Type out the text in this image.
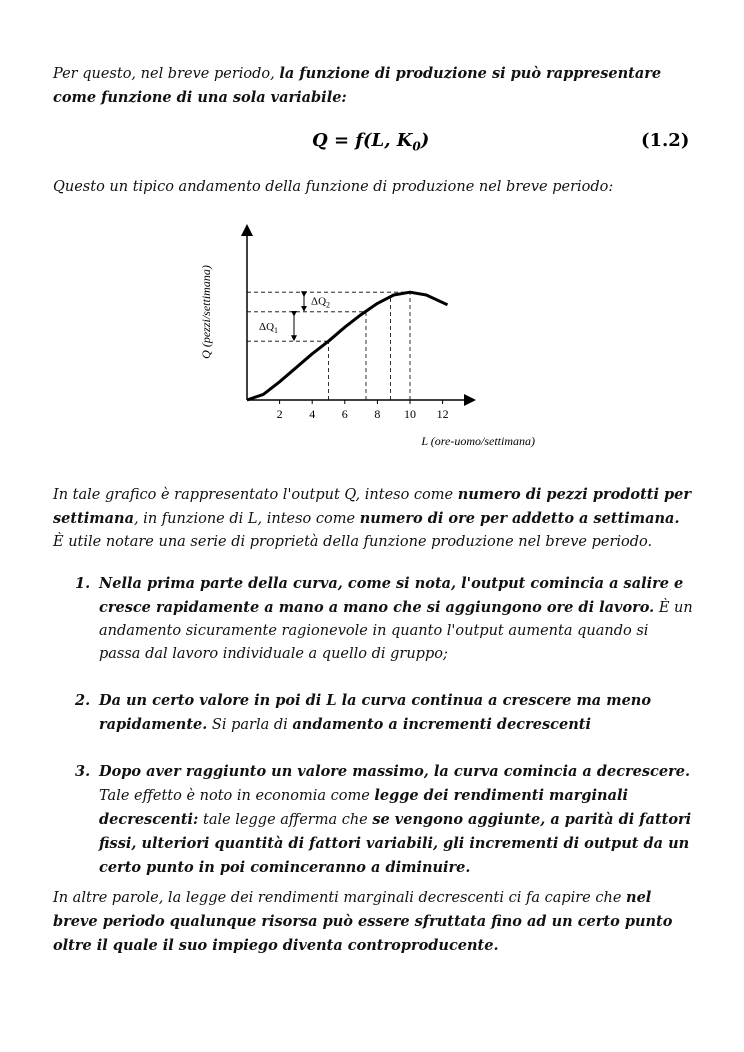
Per questo, nel breve periodo, la funzione di produzione si può rappresentare come funzione di una sola variabile:
Q = f(L, $K_0$)	(1.2)
Questo un tipico andamento della funzione di produzione nel breve periodo:
2 4 6 8 10 12
$\Delta Q_1$
$\Delta Q_2$
Q (pezzi/settimana)
L (ore-uomo/settimana)
In tale grafico è rappresentato l'output Q, inteso come numero di pezzi prodotti per settimana, in funzione di L, inteso come numero di ore per addetto a settimana.
È utile notare una serie di proprietà della funzione produzione nel breve periodo.

1. Nella prima parte della curva, come si nota, l'output comincia a salire e cresce rapidamente a mano a mano che si aggiungono ore di lavoro. È un andamento sicuramente ragionevole in quanto l'output aumenta quando si passa dal lavoro individuale a quello di gruppo;

2. Da un certo valore in poi di L la curva continua a crescere ma meno rapidamente. Si parla di andamento a incrementi decrescenti

3. Dopo aver raggiunto un valore massimo, la curva comincia a decrescere. Tale effetto è noto in economia come legge dei rendimenti marginali decrescenti: tale legge afferma che se vengono aggiunte, a parità di fattori fissi, ulteriori quantità di fattori variabili, gli incrementi di output da un certo punto in poi cominceranno a diminuire.

In altre parole, la legge dei rendimenti marginali decrescenti ci fa capire che nel breve periodo qualunque risorsa può essere sfruttata fino ad un certo punto oltre il quale il suo impiego diventa controproducente.
